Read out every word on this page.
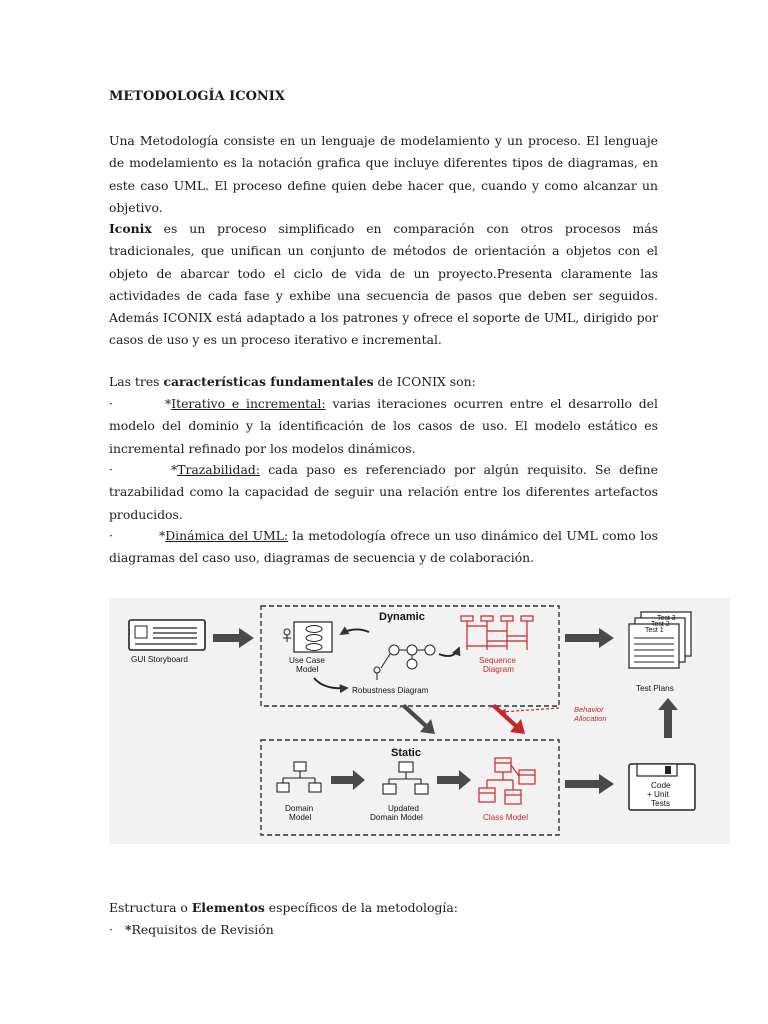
METODOLOGÍA ICONIX
Una Metodología consiste en un lenguaje de modelamiento y un proceso. El lenguaje de modelamiento es la notación grafica que incluye diferentes tipos de diagramas, en este caso UML. El proceso define quien debe hacer que, cuando y como alcanzar un objetivo.
Iconix es un proceso simplificado en comparación con otros procesos más tradicionales, que unifican un conjunto de métodos de orientación a objetos con el objeto de abarcar todo el ciclo de vida de un proyecto.Presenta claramente las actividades de cada fase y exhibe una secuencia de pasos que deben ser seguidos. Además ICONIX está adaptado a los patrones y ofrece el soporte de UML, dirigido por casos de uso y es un proceso iterativo e incremental.
Las tres características fundamentales de ICONIX son:
·	*Iterativo e incremental: varias iteraciones ocurren entre el desarrollo del modelo del dominio y la identificación de los casos de uso. El modelo estático es incremental refinado por los modelos dinámicos.
·	*Trazabilidad: cada paso es referenciado por algún requisito. Se define trazabilidad como la capacidad de seguir una relación entre los diferentes artefactos producidos.
·	*Dinámica del UML: la metodología ofrece un uso dinámico del UML como los diagramas del caso uso, diagramas de secuencia y de colaboración.
Dynamic
Static
GUI Storyboard	Use Case
Model
Robustness Diagram
Sequence
Diagram
Test 3
Test 2
Test 1
Test Plans
Behavior
Allocation
Domain
Model
Updated
Domain Model	Class Model
Code
+ Unit
Tests
Estructura o Elementos específicos de la metodología:
· *Requisitos de Revisión
